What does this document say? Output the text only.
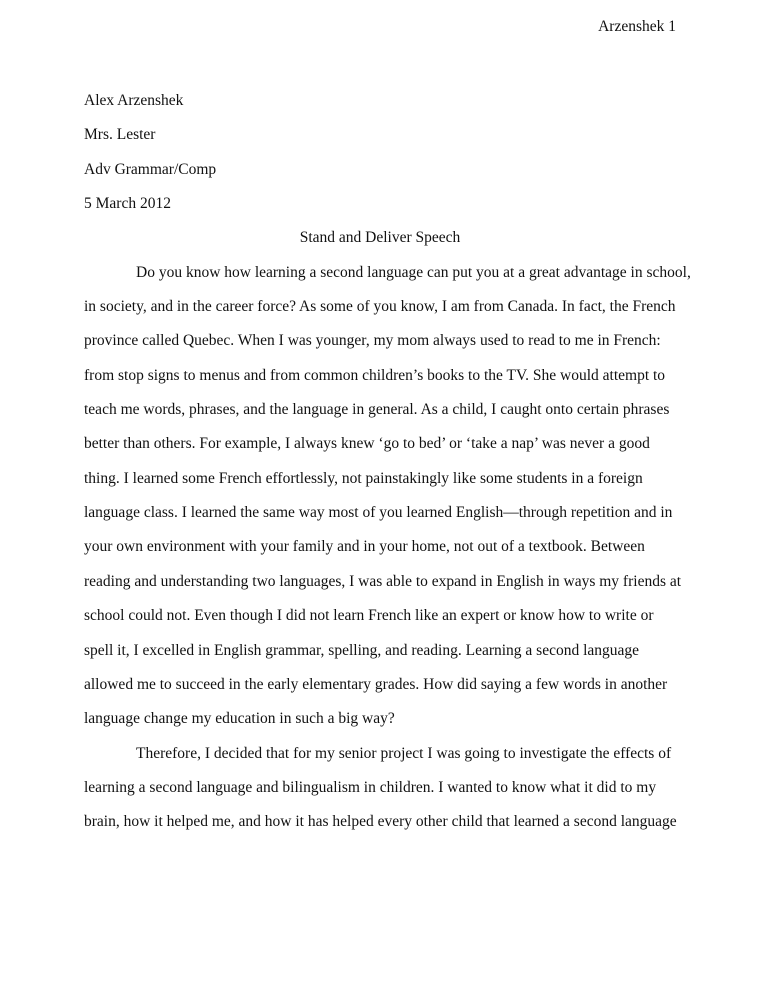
Arzenshek 1
Alex Arzenshek
Mrs. Lester
Adv Grammar/Comp
5 March 2012
Stand and Deliver Speech
Do you know how learning a second language can put you at a great advantage in school,
in society, and in the career force? As some of you know, I am from Canada. In fact, the French
province called Quebec. When I was younger, my mom always used to read to me in French:
from stop signs to menus and from common children’s books to the TV. She would attempt to
teach me words, phrases, and the language in general. As a child, I caught onto certain phrases
better than others. For example, I always knew ‘go to bed’ or ‘take a nap’ was never a good
thing. I learned some French effortlessly, not painstakingly like some students in a foreign
language class. I learned the same way most of you learned English—through repetition and in
your own environment with your family and in your home, not out of a textbook. Between
reading and understanding two languages, I was able to expand in English in ways my friends at
school could not. Even though I did not learn French like an expert or know how to write or
spell it, I excelled in English grammar, spelling, and reading. Learning a second language
allowed me to succeed in the early elementary grades. How did saying a few words in another
language change my education in such a big way?
Therefore, I decided that for my senior project I was going to investigate the effects of
learning a second language and bilingualism in children. I wanted to know what it did to my
brain, how it helped me, and how it has helped every other child that learned a second language
